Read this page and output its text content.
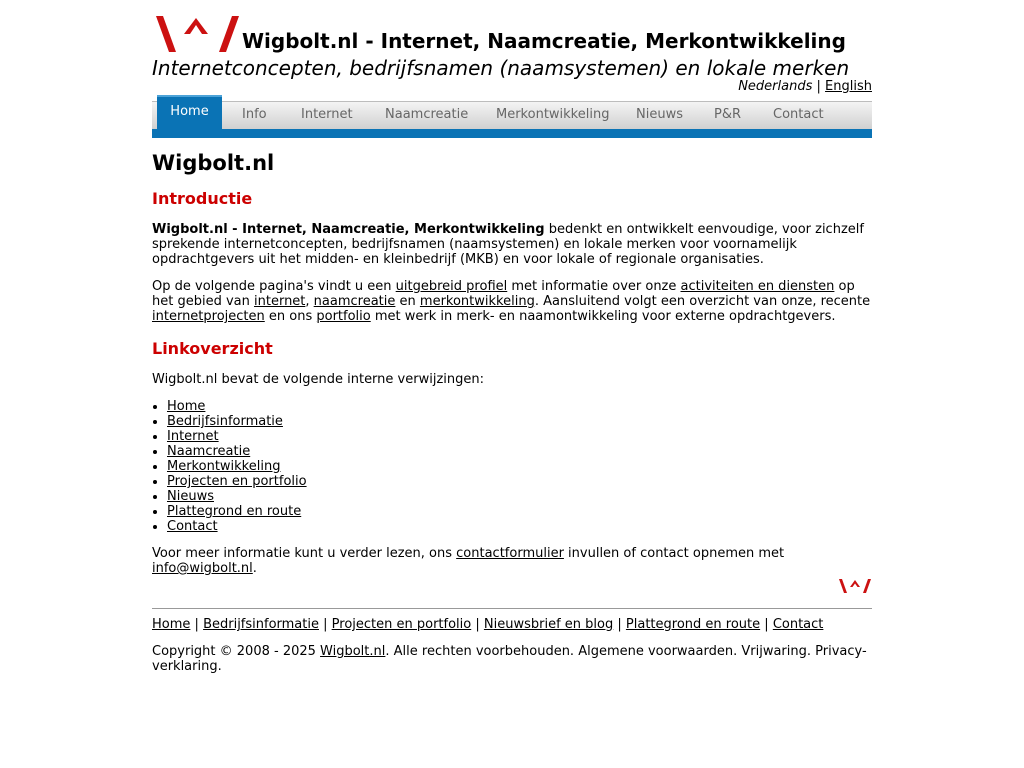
Wigbolt.nl - Internet, Naamcreatie, Merkontwikkeling
Internetconcepten, bedrijfsnamen (naamsystemen) en lokale merken
Nederlands | English
Home	Info	Internet Naamcreatie Merkontwikkeling Nieuws P&R Contact
Wigbolt.nl
Introductie
Wigbolt.nl - Internet, Naamcreatie, Merkontwikkeling bedenkt en ontwikkelt eenvoudige, voor zichzelf sprekende internetconcepten, bedrijfsnamen (naamsystemen) en lokale merken voor voornamelijk opdrachtgevers uit het midden- en kleinbedrijf (MKB) en voor lokale of regionale organisaties.
Op de volgende pagina's vindt u een uitgebreid profiel met informatie over onze activiteiten en diensten op het gebied van internet, naamcreatie en merkontwikkeling. Aansluitend volgt een overzicht van onze, recente internetprojecten en ons portfolio met werk in merk- en naamontwikkeling voor externe opdrachtgevers.
Linkoverzicht
Wigbolt.nl bevat de volgende interne verwijzingen:
• Home
• Bedrijfsinformatie
• Internet
• Naamcreatie
• Merkontwikkeling
• Projecten en portfolio
• Nieuws
• Plattegrond en route
• Contact
Voor meer informatie kunt u verder lezen, ons contactformulier invullen of contact opnemen met info@wigbolt.nl.
Home | Bedrijfsinformatie | Projecten en portfolio | Nieuwsbrief en blog | Plattegrond en route | Contact
Copyright © 2008 - 2025 Wigbolt.nl. Alle rechten voorbehouden. Algemene voorwaarden. Vrijwaring. Privacy-verklaring.
